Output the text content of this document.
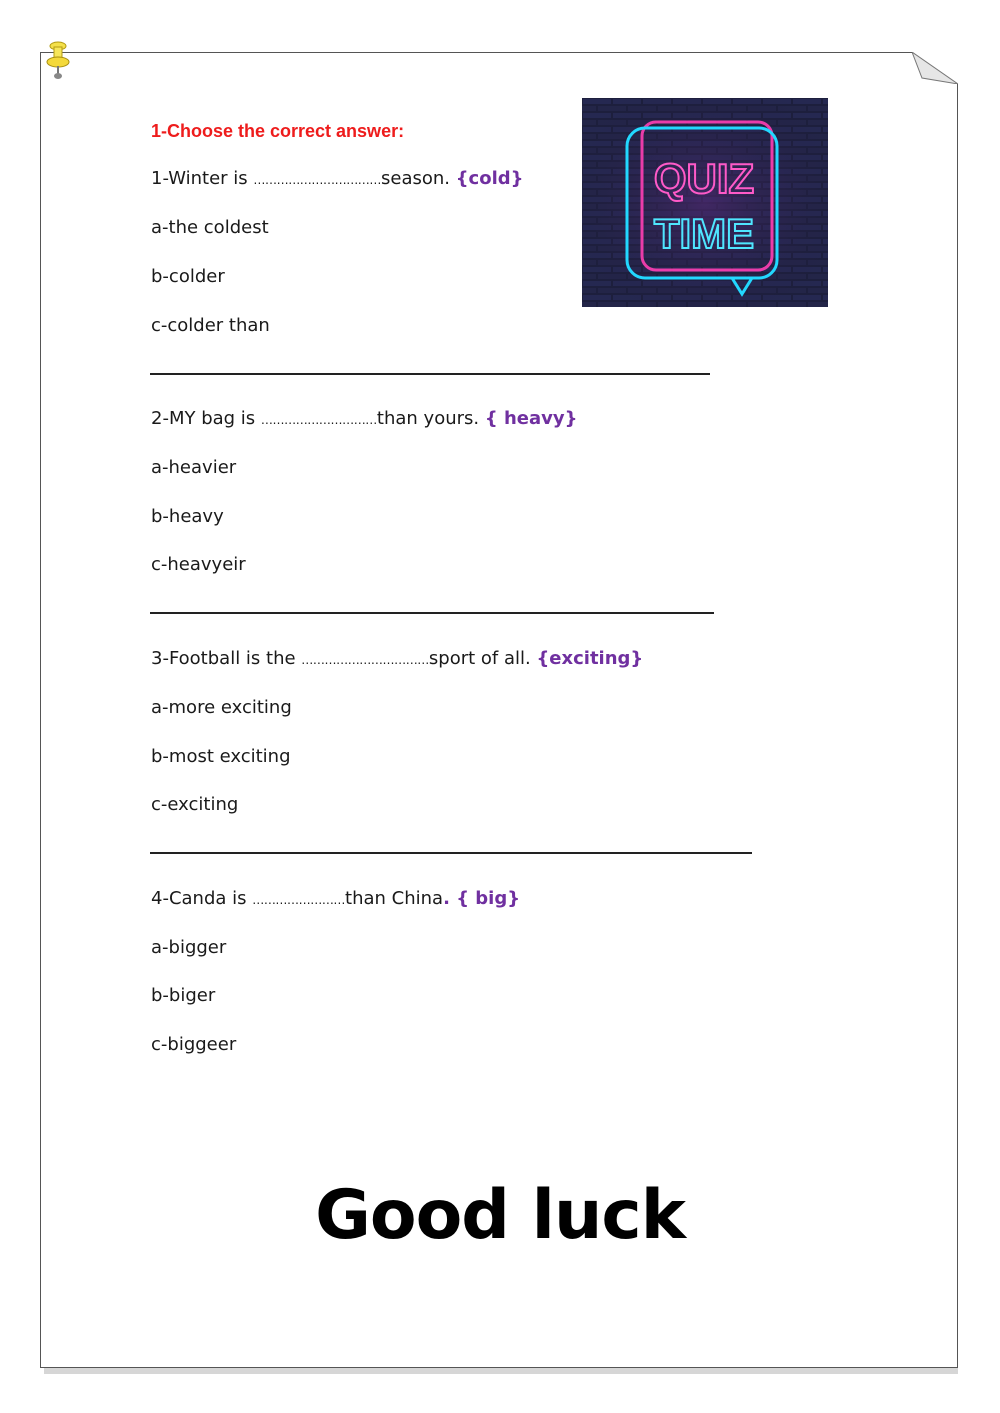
1-Choose the correct answer:
QUIZ
TIME
1-Winter is ……………………………season. {cold}
a-the coldest
b-colder
c-colder than
2-MY bag is …………………………than yours. { heavy}
a-heavier
b-heavy
c-heavyeir
3-Football is the ……………………………sport of all. {exciting}
a-more exciting
b-most exciting
c-exciting
4-Canda is ……………………than China. { big}
a-bigger
b-biger
c-biggeer
Good luck
